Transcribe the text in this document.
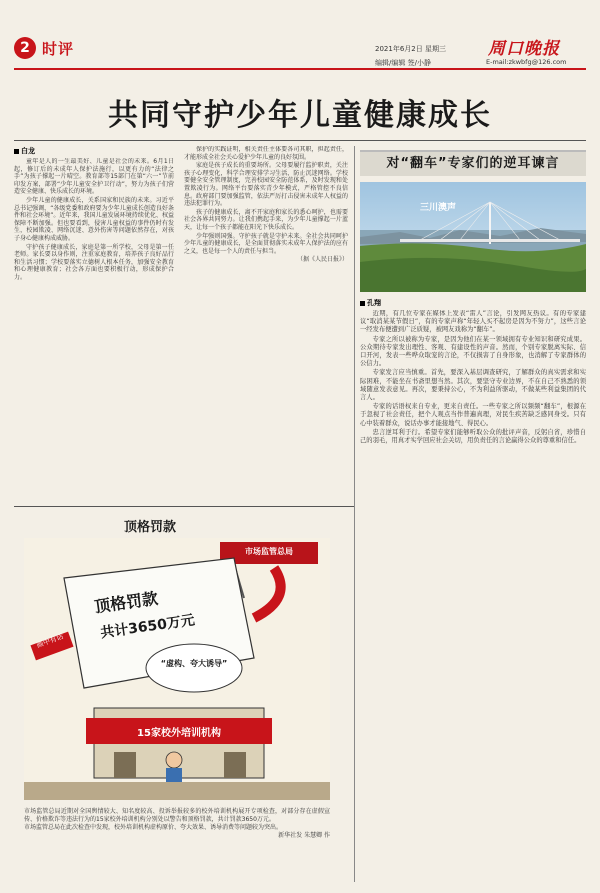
2 时评	2021年6月2日 星期三
编辑/编辑 签/小静
周口晚报
E-mail:zkwbfg@126.com
共同守护少年儿童健康成长
白龙

童年是人的一生最美好、儿童是社会的未来。6月1日起，修订后的未成年人保护法施行，以更有力的“法律之手”为孩子撑起一片晴空。教育部等15部门在第“六一”节前印发方案，部署“少年儿童安全护卫行动”，努力为孩子们营造安全健康、快乐成长的环境。

少年儿童的健康成长，关系国家和民族的未来。习近平总书记强调，“各级党委和政府要为少年儿童成长创造良好条件和社会环境”。近年来，我国儿童发展环境持续优化、权益保障不断加强。但也要看到，侵害儿童权益的事件仍时有发生，校园欺凌、网络沉迷、意外伤害等问题依然存在，对孩子身心健康构成威胁。

守护孩子健康成长，家庭是第一所学校，父母是第一任老师。家长要以身作则，注重家庭教育，培养孩子良好品行和生活习惯；学校要落实立德树人根本任务，加强安全教育和心理健康教育；社会各方面也要积极行动，形成保护合力。

保护的实践证明，相关责任主体要各司其职，担起责任，才能形成全社会关心爱护少年儿童的良好氛围。

家庭是孩子成长的重要场所。父母要履行监护职责，关注孩子心理变化，科学合理安排学习生活，防止沉迷网络。学校要健全安全管理制度，完善校园安全防范体系，及时发现和处置欺凌行为。网络平台要落实青少年模式，严格管控不良信息。政府部门要加强监管，依法严厉打击侵害未成年人权益的违法犯罪行为。

孩子的健康成长，离不开家庭和家长的悉心呵护，也需要社会各界共同努力。让我们携起手来，为少年儿童撑起一片蓝天，让每一个孩子都能在阳光下快乐成长。

少年强则国强。守护孩子就是守护未来。全社会共同呵护少年儿童的健康成长，是全面贯彻落实未成年人保护法的应有之义，也是每一个人的责任与担当。

（据《人民日报》）
对“翻车”专家们的逆耳谏言
三川澳声
孔翔

近期，有几位专家在媒体上发表“雷人”言论，引发网友热议。有的专家建议“取消某某节假日”，有的专家声称“年轻人买不起房是因为不努力”，这些言论一经发布便遭到广泛质疑，被网友戏称为“翻车”。

专家之所以被称为专家，是因为他们在某一领域拥有专业知识和研究成果。公众期待专家发出理性、客观、有建设性的声音。然而，个别专家脱离实际、信口开河，发表一些哗众取宠的言论，不仅损害了自身形象，也消解了专家群体的公信力。

专家发言应当慎重。首先，要深入基层调查研究，了解群众的真实需求和实际困难，不能坐在书斋里想当然。其次，要坚守专业边界，不在自己不熟悉的领域随意发表意见。再次，要秉持公心，不为利益所驱动，不做某些利益集团的代言人。

专家的话语权来自专业，更来自责任。一些专家之所以频频“翻车”，根源在于忽视了社会责任，把个人观点当作普遍真理，对民生疾苦缺乏感同身受。只有心中装着群众，说话办事才能接地气、得民心。

忠言逆耳利于行。希望专家们能够听取公众的批评声音，反躬自省，珍惜自己的羽毛，用真才实学回应社会关切，用负责任的言论赢得公众的尊重和信任。

顶格罚款
市场监管总局
顶格罚款
共计3650万元
“虚构、夸大诱导”
15家校外培训机构
画中有话
市场监管总局近期对全国舆情较大、知名度较高、投诉举报较多的校外培训机构展开专项检查，对部分存在虚假宣传、价格欺诈等违法行为的15家校外培训机构分别处以警告和顶格罚款，共计罚款3650万元。
市场监管总局在此次检查中发现，校外培训机构虚构原价、夸大效果、诱导消费等问题较为突出。
新华社发 朱慧卿 作
